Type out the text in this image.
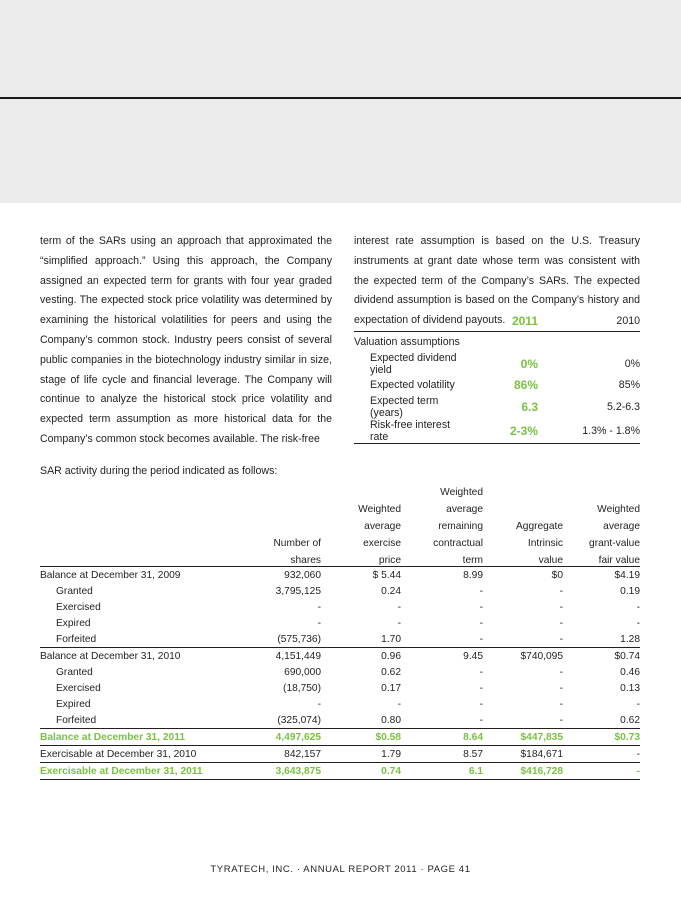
term of the SARs using an approach that approximated the “simplified approach.” Using this approach, the Company assigned an expected term for grants with four year graded vesting. The expected stock price volatility was determined by examining the historical volatilities for peers and using the Company’s common stock. Industry peers consist of several public companies in the biotechnology industry similar in size, stage of life cycle and financial leverage. The Company will continue to analyze the historical stock price volatility and expected term assumption as more historical data for the Company’s common stock becomes available. The risk-free
interest rate assumption is based on the U.S. Treasury instruments at grant date whose term was consistent with the expected term of the Company’s SARs. The expected dividend assumption is based on the Company’s history and expectation of dividend payouts.
	2011	2010
Valuation assumptions		
Expected dividend yield	0%	0%
Expected volatility	86%	85%
Expected term (years)	6.3	5.2-6.3
Risk-free interest rate	2-3%	1.3% - 1.8%
SAR activity during the period indicated as follows:
			Weighted		
		Weighted	average		Weighted
		average	remaining	Aggregate	average
	Number of	exercise	contractual	Intrinsic	grant-value
	shares	price	term	value	fair value
Balance at December 31, 2009	932,060	$ 5.44	8.99	$0	$4.19
Granted	3,795,125	0.24	-	-	0.19
Exercised	-	-	-	-	-
Expired	-	-	-	-	-
Forfeited	(575,736)	1.70	-	-	1.28
Balance at December 31, 2010	4,151,449	0.96	9.45	$740,095	$0.74
Granted	690,000	0.62	-	-	0.46
Exercised	(18,750)	0.17	-	-	0.13
Expired	-	-	-	-	-
Forfeited	(325,074)	0.80	-	-	0.62
Balance at December 31, 2011	4,497,625	$0.58	8.64	$447,835	$0.73
Exercisable at December 31, 2010	842,157	1.79	8.57	$184,671	-
Exercisable at December 31, 2011	3,643,875	0.74	6.1	$416,728	-
TYRATECH, INC. · ANNUAL REPORT 2011 · PAGE 41
